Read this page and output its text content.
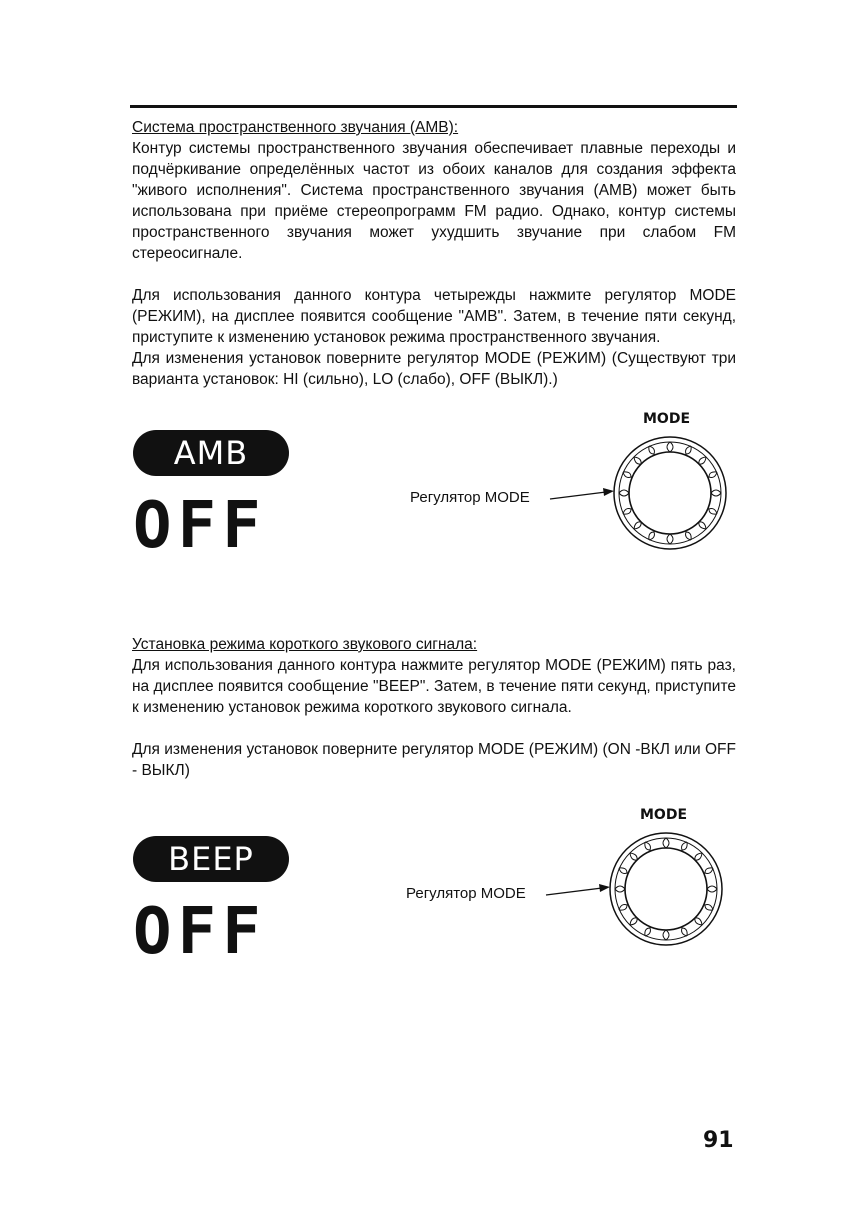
Система пространственного звучания (AMB):

Контур системы пространственного звучания обеспечивает плавные переходы и подчёркивание определённых частот из обоих каналов для создания эффекта "живого исполнения". Система пространственного звучания (AMB) может быть использована при приёме стереопрограмм FM радио. Однако, контур системы пространственного звучания может ухудшить звучание при слабом FM стереосигнале.

Для использования данного контура четырежды нажмите регулятор MODE (РЕЖИМ), на дисплее появится сообщение "AMB". Затем, в течение пяти секунд, приступите к изменению установок режима пространственного звучания.

Для изменения установок поверните регулятор MODE (РЕЖИМ) (Существуют три варианта установок: HI (сильно), LO (слабо), OFF (ВЫКЛ).)

AMB
OFF
MODE
Регулятор MODE
Установка режима короткого звукового сигнала:

Для использования данного контура нажмите регулятор MODE (РЕЖИМ) пять раз, на дисплее появится сообщение "BEEP". Затем, в течение пяти секунд, приступите к изменению установок режима короткого звукового сигнала.

Для изменения установок поверните регулятор MODE (РЕЖИМ) (ON -ВКЛ или OFF - ВЫКЛ)

BEEP
OFF
MODE
Регулятор MODE
91
